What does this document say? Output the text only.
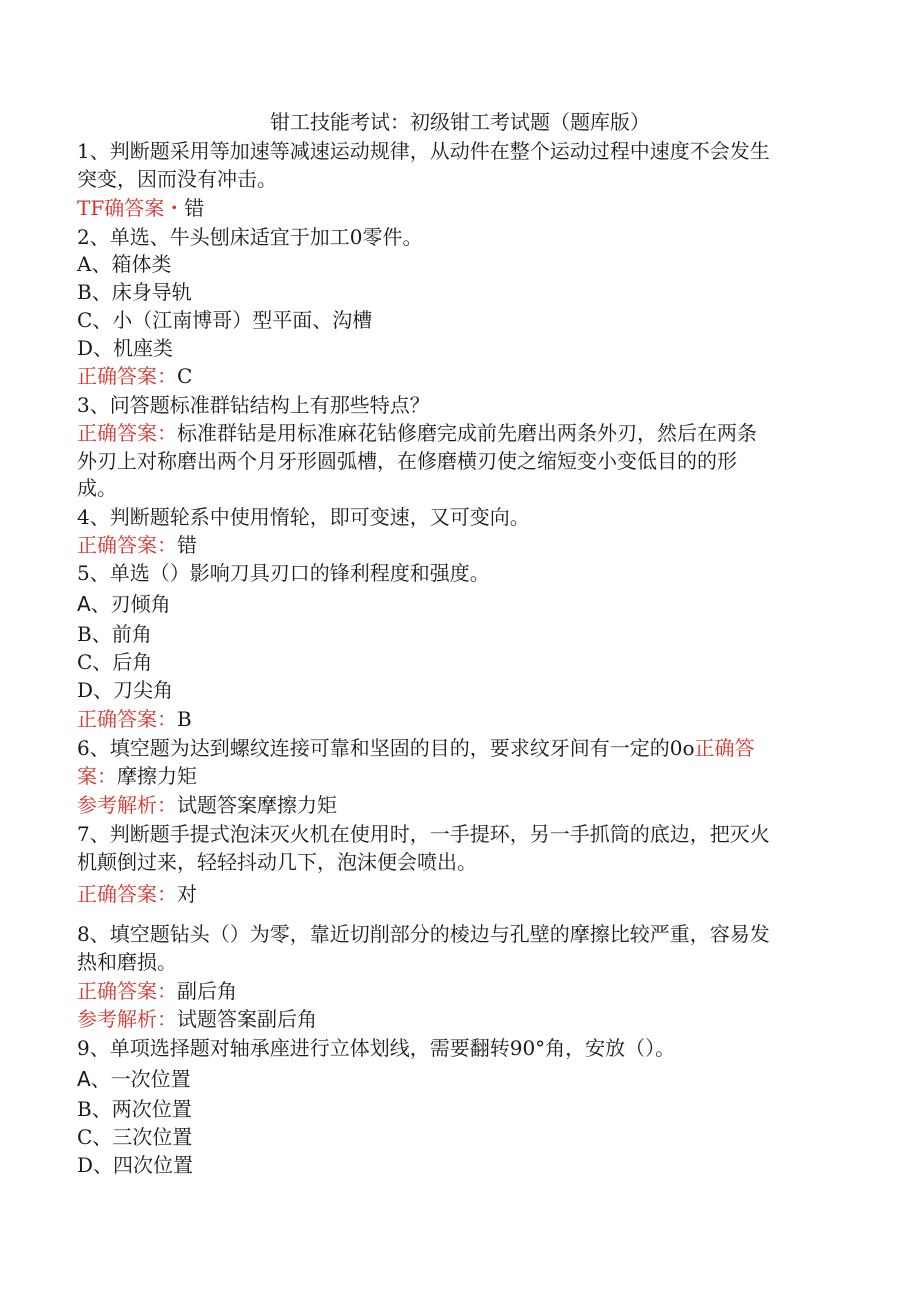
钳工技能考试：初级钳工考试题（题库版）
1、判断题采用等加速等减速运动规律，从动件在整个运动过程中速度不会发生
突变，因而没有冲击。
TF确答案・错
2、单选、牛头刨床适宜于加工0零件。
A、箱体类
B、床身导轨
C、小（江南博哥）型平面、沟槽
D、机座类
正确答案：C
3、问答题标准群钻结构上有那些特点？
正确答案：标准群钻是用标准麻花钻修磨完成前先磨出两条外刃，然后在两条
外刃上对称磨出两个月牙形圆弧槽，在修磨横刃使之缩短变小变低目的的形
成。
4、判断题轮系中使用惰轮，即可变速，又可变向。
正确答案：错
5、单选（）影响刀具刃口的锋利程度和强度。
A、刃倾角
B、前角
C、后角
D、刀尖角
正确答案：B
6、填空题为达到螺纹连接可靠和坚固的目的，要求纹牙间有一定的0o正确答
案：摩擦力矩
参考解析：试题答案摩擦力矩
7、判断题手提式泡沫灭火机在使用时，一手提环，另一手抓筒的底边，把灭火
机颠倒过来，轻轻抖动几下，泡沫便会喷出。
正确答案：对
8、填空题钻头（）为零，靠近切削部分的棱边与孔壁的摩擦比较严重，容易发
热和磨损。
正确答案：副后角
参考解析：试题答案副后角
9、单项选择题对轴承座进行立体划线，需要翻转90°角，安放（）。
A、一次位置
B、两次位置
C、三次位置
D、四次位置
